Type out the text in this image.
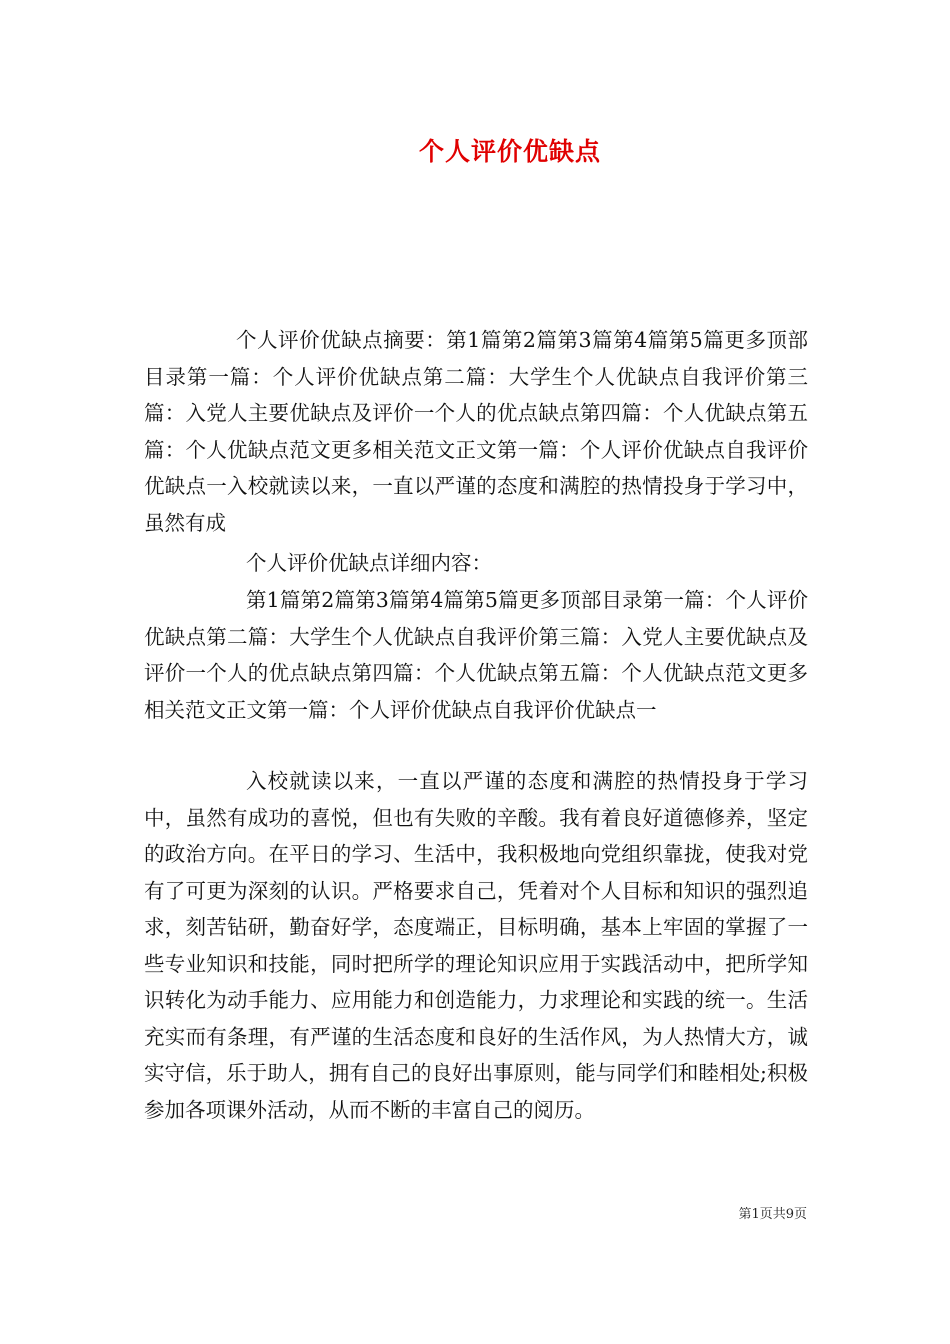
个人评价优缺点
个人评价优缺点摘要：第1篇第2篇第3篇第4篇第5篇更多顶部目录第一篇：个人评价优缺点第二篇：大学生个人优缺点自我评价第三篇：入党人主要优缺点及评价一个人的优点缺点第四篇：个人优缺点第五篇：个人优缺点范文更多相关范文正文第一篇：个人评价优缺点自我评价优缺点一入校就读以来，一直以严谨的态度和满腔的热情投身于学习中，虽然有成
个人评价优缺点详细内容：
第1篇第2篇第3篇第4篇第5篇更多顶部目录第一篇：个人评价优缺点第二篇：大学生个人优缺点自我评价第三篇：入党人主要优缺点及评价一个人的优点缺点第四篇：个人优缺点第五篇：个人优缺点范文更多相关范文正文第一篇：个人评价优缺点自我评价优缺点一
入校就读以来，一直以严谨的态度和满腔的热情投身于学习中，虽然有成功的喜悦，但也有失败的辛酸。我有着良好道德修养，坚定的政治方向。在平日的学习、生活中，我积极地向党组织靠拢，使我对党有了可更为深刻的认识。严格要求自己，凭着对个人目标和知识的强烈追求，刻苦钻研，勤奋好学，态度端正，目标明确，基本上牢固的掌握了一些专业知识和技能，同时把所学的理论知识应用于实践活动中，把所学知识转化为动手能力、应用能力和创造能力，力求理论和实践的统一。生活充实而有条理，有严谨的生活态度和良好的生活作风，为人热情大方，诚实守信，乐于助人，拥有自己的良好出事原则，能与同学们和睦相处;积极参加各项课外活动，从而不断的丰富自己的阅历。
第1页共9页
